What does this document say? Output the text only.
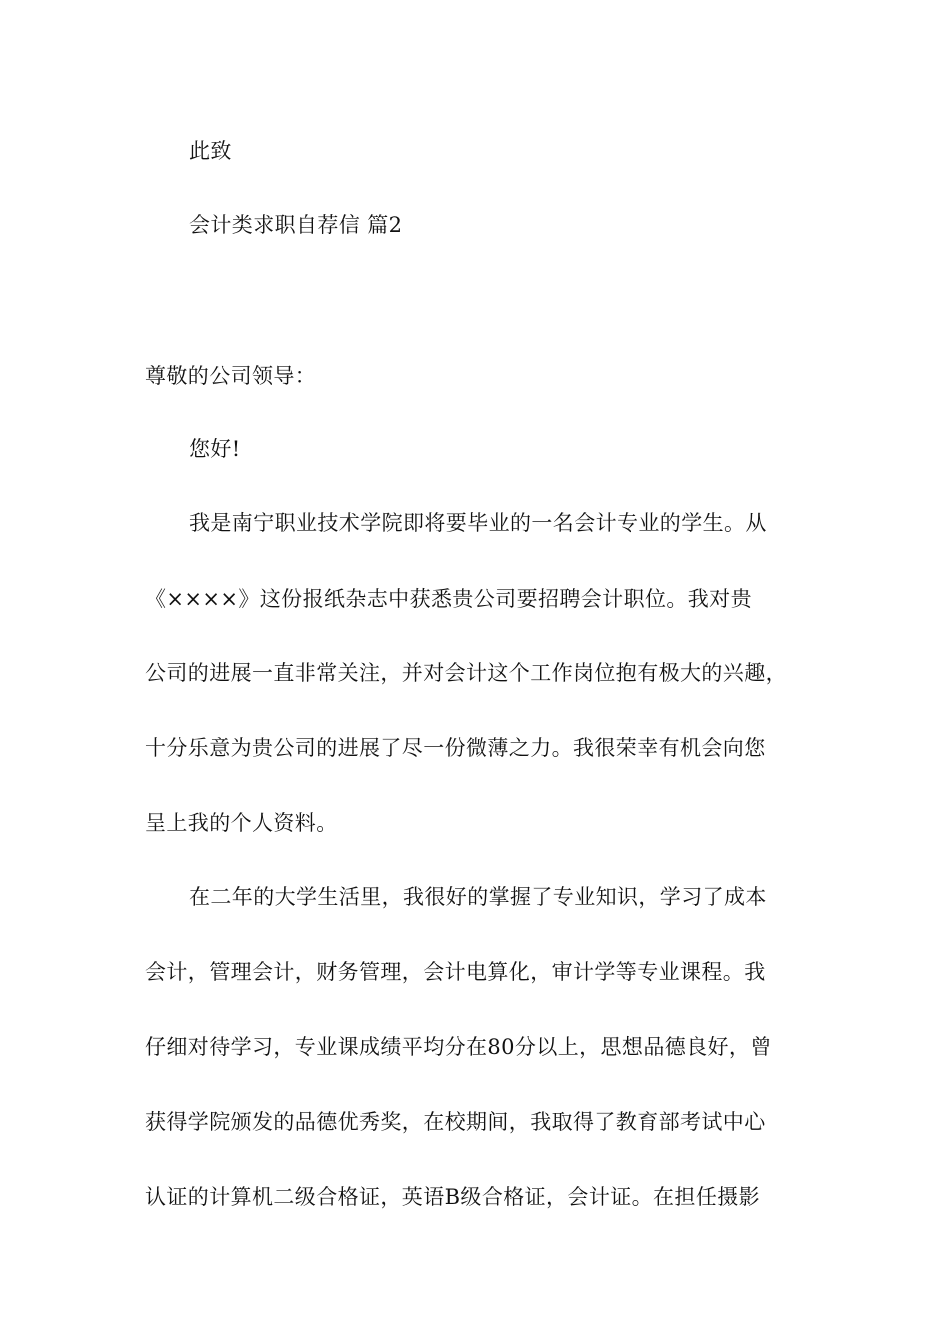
此致
会计类求职自荐信 篇2
尊敬的公司领导：
您好!
我是南宁职业技术学院即将要毕业的一名会计专业的学生。从
《××××》这份报纸杂志中获悉贵公司要招聘会计职位。我对贵
公司的进展一直非常关注，并对会计这个工作岗位抱有极大的兴趣，
十分乐意为贵公司的进展了尽一份微薄之力。我很荣幸有机会向您
呈上我的个人资料。
在二年的大学生活里，我很好的掌握了专业知识，学习了成本
会计，管理会计，财务管理，会计电算化，审计学等专业课程。我
仔细对待学习，专业课成绩平均分在80分以上，思想品德良好，曾
获得学院颁发的品德优秀奖，在校期间，我取得了教育部考试中心
认证的计算机二级合格证，英语B级合格证，会计证。在担任摄影
